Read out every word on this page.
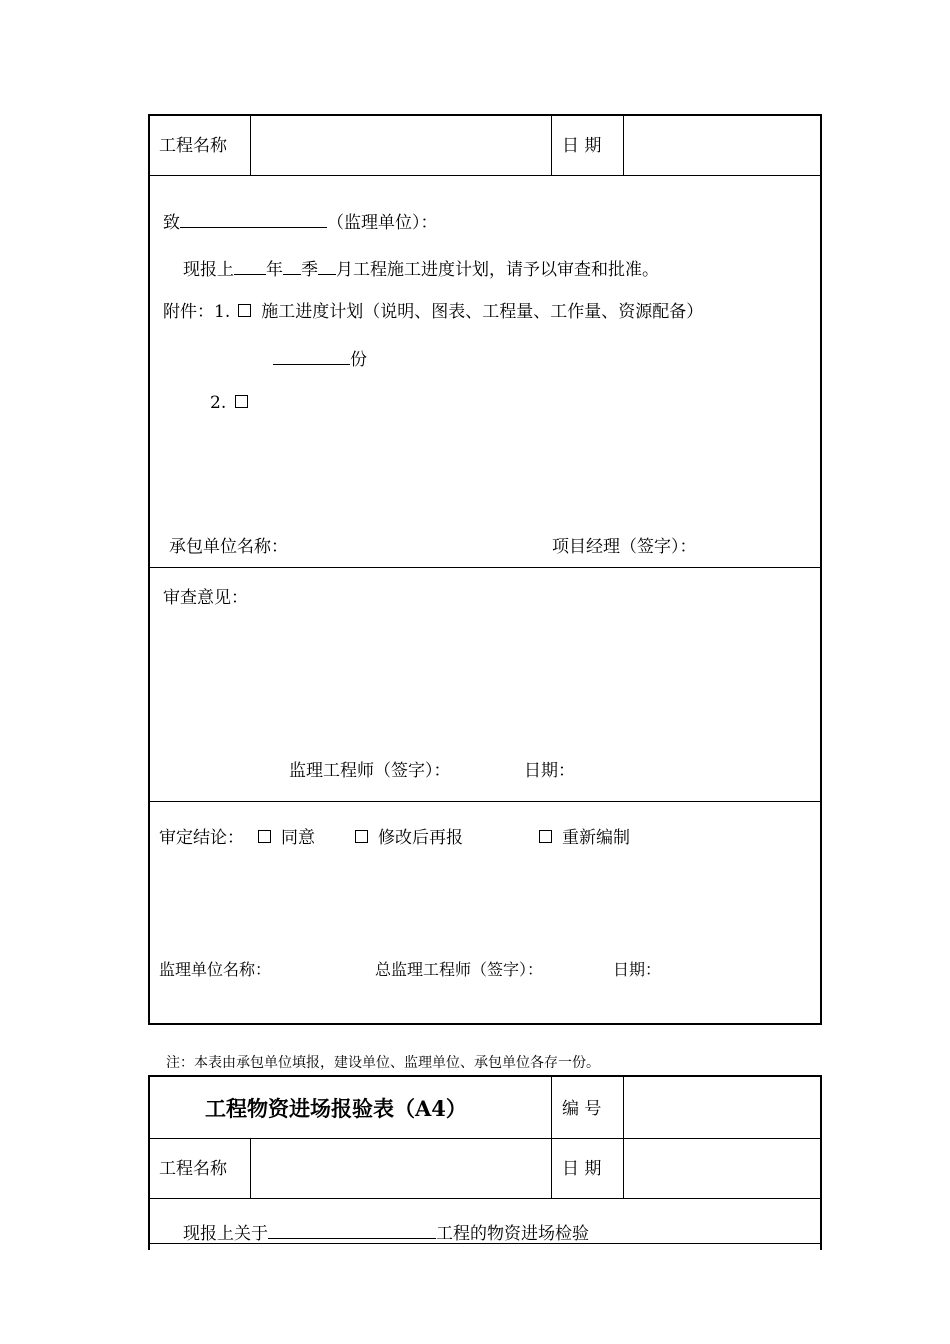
工程名称	日 期
致	（监理单位）：
现报上 年 季 月工程施工进度计划，请予以审查和批准。
附件：1. 施工进度计划（说明、图表、工程量、工作量、资源配备）
份
2.
承包单位名称：	项目经理（签字）：
审查意见：
监理工程师（签字）：	日期：
审定结论： 同意	修改后再报	重新编制
监理单位名称：	总监理工程师（签字）：	日期：
注：本表由承包单位填报，建设单位、监理单位、承包单位各存一份。
工程物资进场报验表（A4）	编 号
工程名称	日 期
现报上关于	工程的物资进场检验
